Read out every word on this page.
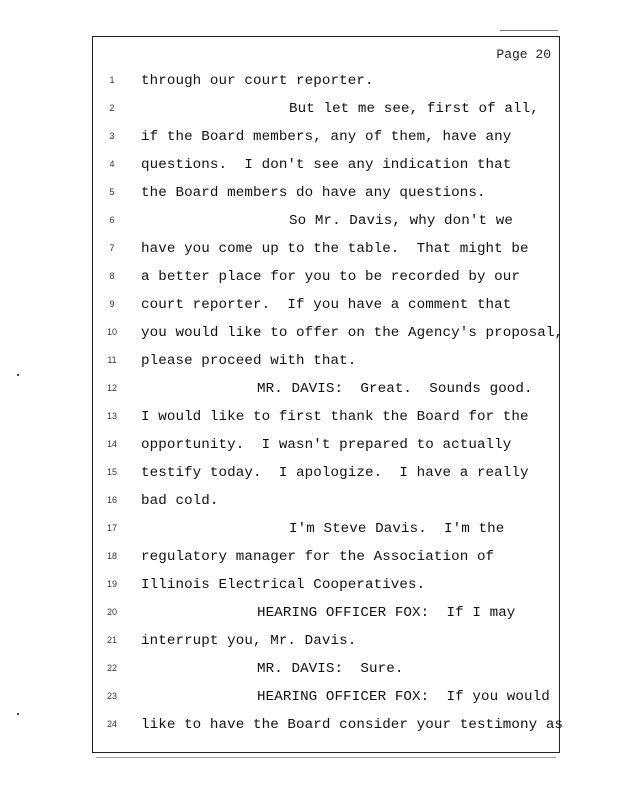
Page 20
1	through our court reporter.
2	But let me see, first of all,
3	if the Board members, any of them, have any
4	questions.  I don't see any indication that
5	the Board members do have any questions.
6	So Mr. Davis, why don't we
7	have you come up to the table.  That might be
8	a better place for you to be recorded by our
9	court reporter.  If you have a comment that
10	you would like to offer on the Agency's proposal,
11	please proceed with that.
12	MR. DAVIS:  Great.  Sounds good.
13	I would like to first thank the Board for the
14	opportunity.  I wasn't prepared to actually
15	testify today.  I apologize.  I have a really
16	bad cold.
17	I'm Steve Davis.  I'm the
18	regulatory manager for the Association of
19	Illinois Electrical Cooperatives.
20	HEARING OFFICER FOX:  If I may
21	interrupt you, Mr. Davis.
22	MR. DAVIS:  Sure.
23	HEARING OFFICER FOX:  If you would
24	like to have the Board consider your testimony as
